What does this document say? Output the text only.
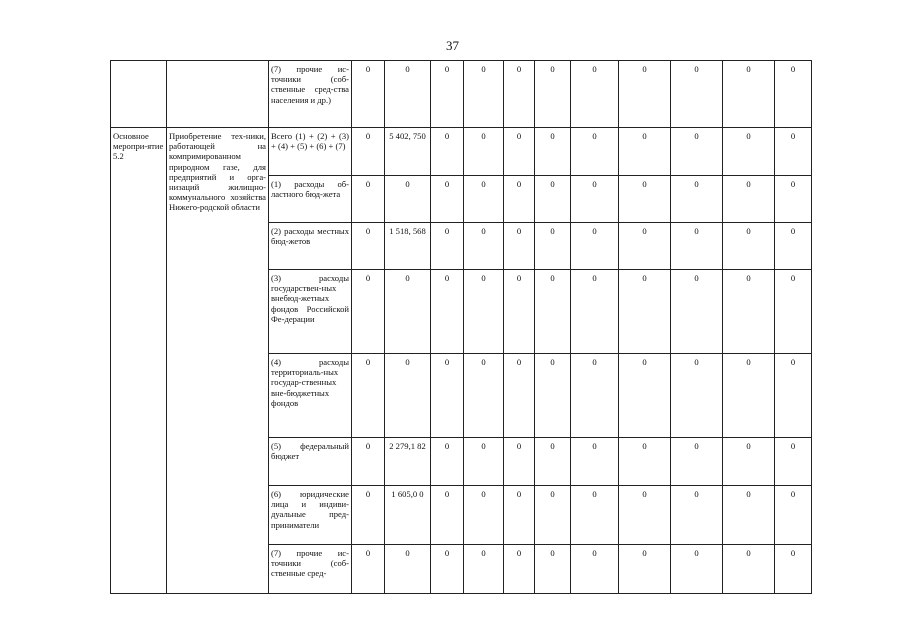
37
		(7) прочие ис-точники (соб-ственные сред-ства населения и др.)	0	0	0	0	0	0	0	0	0	0	0
Основное меропри-ятие 5.2	Приобретение тех-ники, работающей на компримированном природном газе, для предприятий и орга-низаций жилищно-коммунального хозяйства Нижего-родской области	Всего (1) + (2) + (3) + (4) + (5) + (6) + (7)	0	5 402, 750	0	0	0	0	0	0	0	0	0
		(1) расходы об-ластного бюд-жета	0	0	0	0	0	0	0	0	0	0	0
		(2) расходы местных бюд-жетов	0	1 518, 568	0	0	0	0	0	0	0	0	0
		(3) расходы государствен-ных внебюд-жетных фондов Российской Фе-дерации	0	0	0	0	0	0	0	0	0	0	0
		(4) расходы территориаль-ных государ-ственных вне-бюджетных фондов	0	0	0	0	0	0	0	0	0	0	0
		(5) федеральный бюджет	0	2 279,1 82	0	0	0	0	0	0	0	0	0
		(6) юридические лица и индиви-дуальные пред-приниматели	0	1 605,0 0	0	0	0	0	0	0	0	0	0
		(7) прочие ис-точники (соб-ственные сред-	0	0	0	0	0	0	0	0	0	0	0
